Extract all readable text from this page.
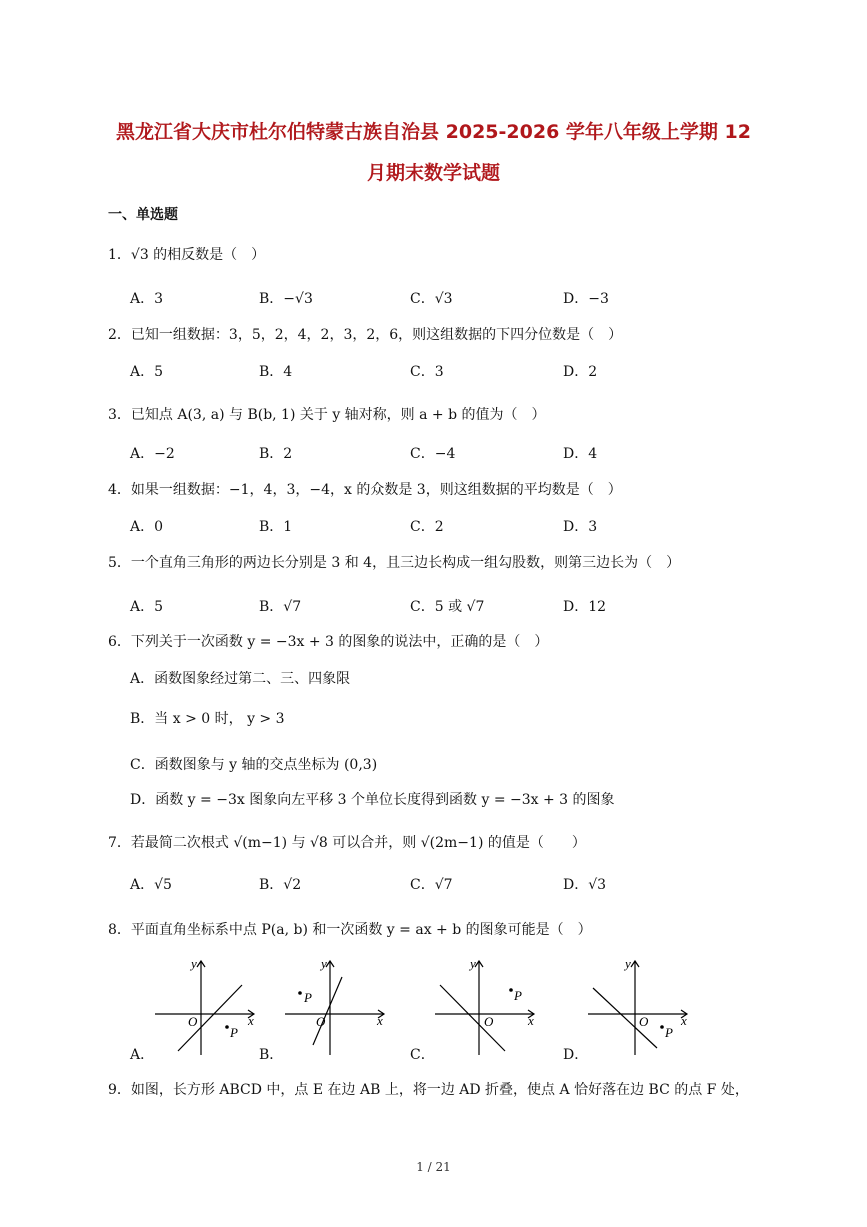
黑龙江省大庆市杜尔伯特蒙古族自治县 2025-2026 学年八年级上学期 12
月期末数学试题
一、单选题
1．√3 的相反数是（　）
A．3	B．−√3	C．√3	D．−3
2．已知一组数据：3，5，2，4，2，3，2，6，则这组数据的下四分位数是（　）
A．5	B．4	C．3	D．2
3．已知点 A(3, a) 与 B(b, 1) 关于 y 轴对称，则 a + b 的值为（　）
A．−2	B．2	C．−4	D．4
4．如果一组数据：−1，4，3，−4，x 的众数是 3，则这组数据的平均数是（　）
A．0	B．1	C．2	D．3
5．一个直角三角形的两边长分别是 3 和 4，且三边长构成一组勾股数，则第三边长为（　）
A．5	B．√7	C．5 或 √7	D．12
6．下列关于一次函数 y = −3x + 3 的图象的说法中，正确的是（　）
A．函数图象经过第二、三、四象限
B．当 x > 0 时， y > 3
C．函数图象与 y 轴的交点坐标为 (0,3)
D．函数 y = −3x 图象向左平移 3 个单位长度得到函数 y = −3x + 3 的图象
7．若最简二次根式 √(m−1) 与 √8 可以合并，则 √(2m−1) 的值是（　　）
A．√5	B．√2	C．√7	D．√3
8．平面直角坐标系中点 P(a, b) 和一次函数 y = ax + b 的图象可能是（　）
A．
y
x
O
P
B．
y
x
O
P
C．
y
x
O
P
D．
y
x
O
P
9．如图，长方形 ABCD 中，点 E 在边 AB 上，将一边 AD 折叠，使点 A 恰好落在边 BC 的点 F 处，
1 / 21
